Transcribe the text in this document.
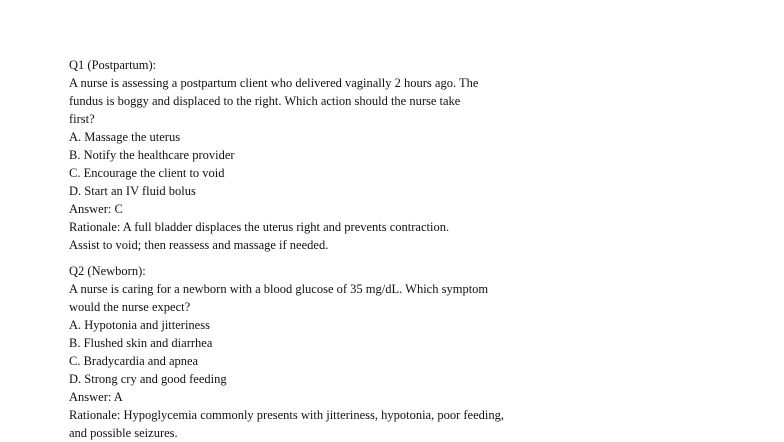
Q1 (Postpartum):
A nurse is assessing a postpartum client who delivered vaginally 2 hours ago. The
fundus is boggy and displaced to the right. Which action should the nurse take
first?
A. Massage the uterus
B. Notify the healthcare provider
C. Encourage the client to void
D. Start an IV fluid bolus
Answer: C
Rationale: A full bladder displaces the uterus right and prevents contraction.
Assist to void; then reassess and massage if needed.
Q2 (Newborn):
A nurse is caring for a newborn with a blood glucose of 35 mg/dL. Which symptom
would the nurse expect?
A. Hypotonia and jitteriness
B. Flushed skin and diarrhea
C. Bradycardia and apnea
D. Strong cry and good feeding
Answer: A
Rationale: Hypoglycemia commonly presents with jitteriness, hypotonia, poor feeding,
and possible seizures.
